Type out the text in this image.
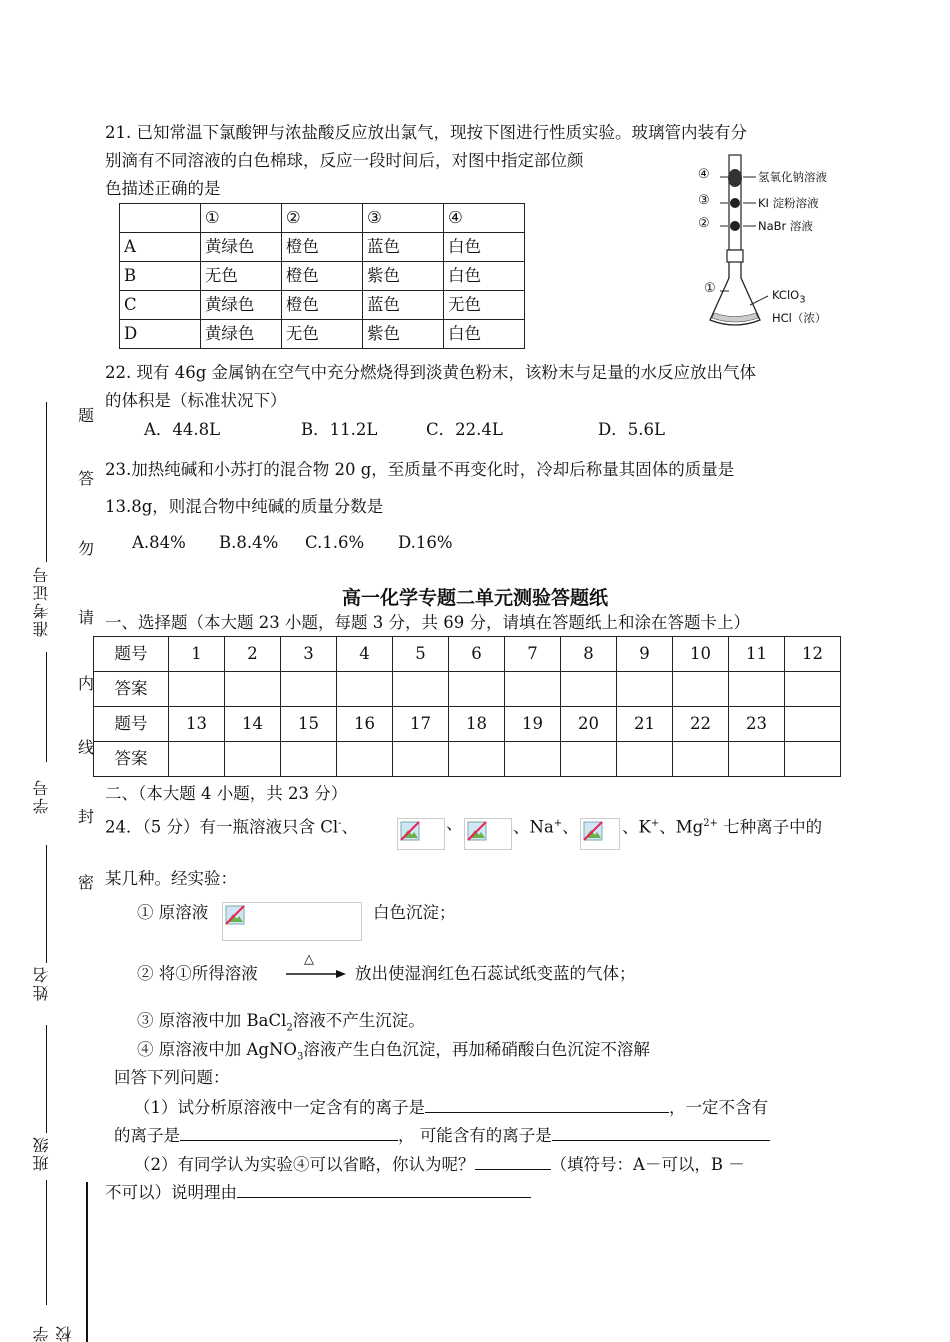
21. 已知常温下氯酸钾与浓盐酸反应放出氯气，现按下图进行性质实验。玻璃管内装有分
别滴有不同溶液的白色棉球，反应一段时间后，对图中指定部位颜
色描述正确的是
	①	②	③	④
A	黄绿色	橙色	蓝色	白色
B	无色	橙色	紫色	白色
C	黄绿色	橙色	蓝色	无色
D	黄绿色	无色	紫色	白色
④
③
②
①
氢氧化钠溶液
KI 淀粉溶液
NaBr 溶液
KClO$_3$
HCl（浓）
22. 现有 46g 金属钠在空气中充分燃烧得到淡黄色粉末，该粉末与足量的水反应放出气体
的体积是（标准状况下）
A．44.8L	B．11.2L	C．22.4L	D．5.6L
23.加热纯碱和小苏打的混合物 20 g，至质量不再变化时，冷却后称量其固体的质量是
13.8g，则混合物中纯碱的质量分数是
A.84% B.8.4% C.1.6% D.16%
高一化学专题二单元测验答题纸
一、选择题（本大题 23 小题，每题 3 分，共 69 分，请填在答题纸上和涂在答题卡上）
题号	1	2	3	4	5	6	7	8	9	10	11	12
答案												
题号	13	14	15	16	17	18	19	20	21	22	23	
答案												
二、（本大题 4 小题，共 23 分）
24．（5 分）有一瓶溶液只含 Cl-、	、	、Na+、	、K+、$Mg^{2+}$ 七种离子中的
某几种。经实验：
① 原溶液	白色沉淀；
② 将①所得溶液
△
放出使湿润红色石蕊试纸变蓝的气体；
③ 原溶液中加 BaCl$_2$溶液不产生沉淀。
④ 原溶液中加 AgNO$_3$溶液产生白色沉淀，再加稀硝酸白色沉淀不溶解
回答下列问题：
（1）试分析原溶液中一定含有的离子是	，一定不含有
的离子是	， 可能含有的离子是
（2）有同学认为实验④可以省略，你认为呢？	（填符号：A－可以，B －
不可以）说明理由
题
答
勿
请
内
线
封
密
准考证号
学号
姓名
班级
学校
